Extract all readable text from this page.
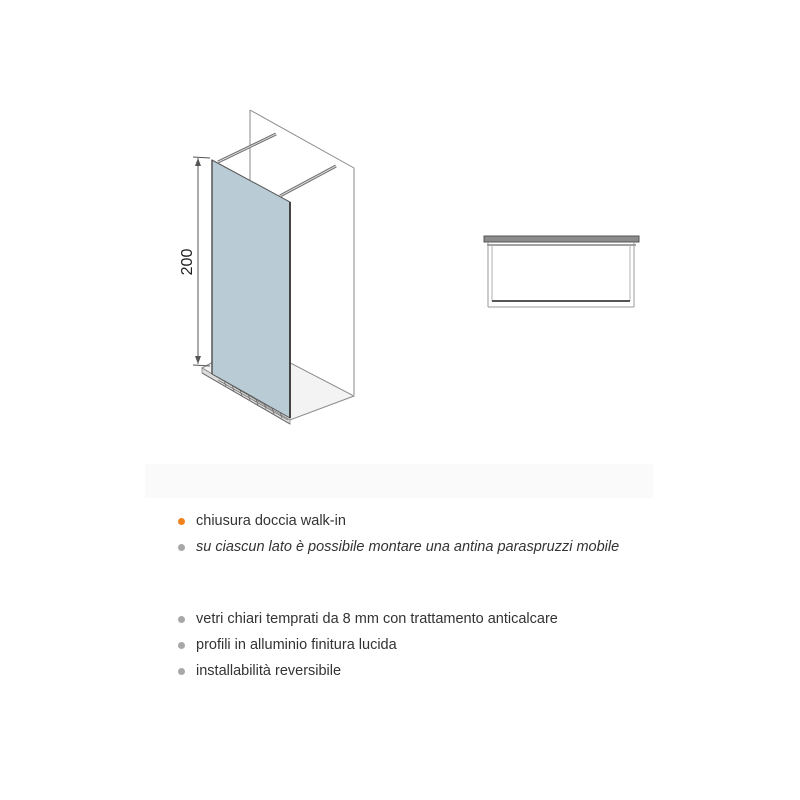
200
chiusura doccia walk-in
su ciascun lato è possibile montare una antina paraspruzzi mobile
vetri chiari temprati da 8 mm con trattamento anticalcare
profili in alluminio finitura lucida
installabilità reversibile
